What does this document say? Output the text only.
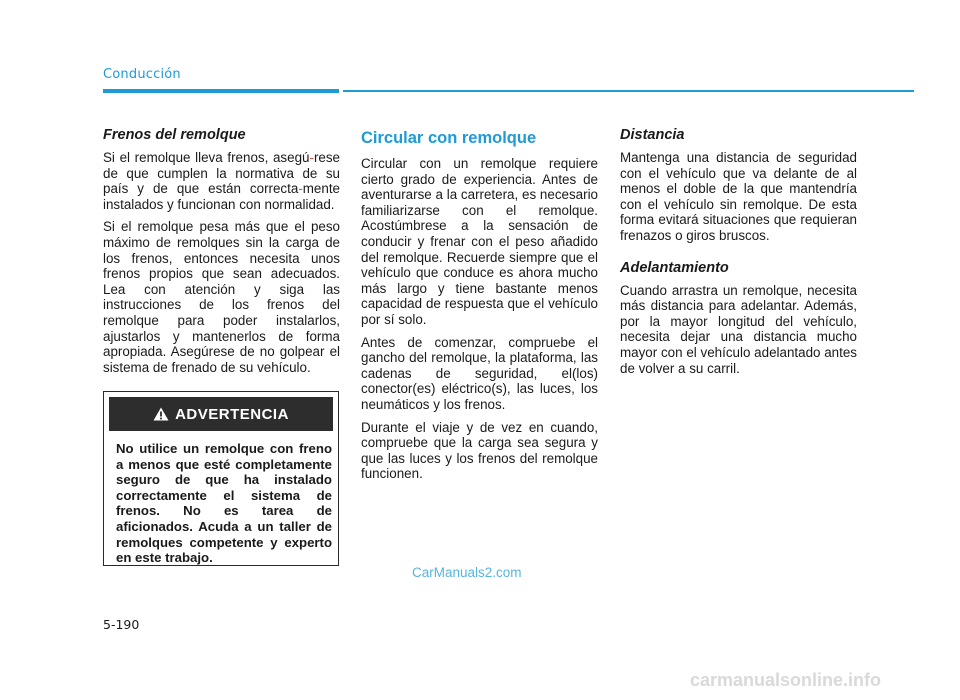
Conducción
Frenos del remolque

Si el remolque lleva frenos, asegú-rese de que cumplen la normativa de su país y de que están correcta-mente instalados y funcionan con normalidad.

Si el remolque pesa más que el peso máximo de remolques sin la carga de los frenos, entonces necesita unos frenos propios que sean adecuados. Lea con atención y siga las instrucciones de los frenos del remolque para poder instalarlos, ajustarlos y mantenerlos de forma apropiada. Asegúrese de no golpear el sistema de frenado de su vehículo.

ADVERTENCIA
No utilice un remolque con freno a menos que esté completamente seguro de que ha instalado correctamente el sistema de frenos. No es tarea de aficionados. Acuda a un taller de remolques competente y experto en este trabajo.
Circular con remolque

Circular con un remolque requiere cierto grado de experiencia. Antes de aventurarse a la carretera, es necesario familiarizarse con el remolque. Acostúmbrese a la sensación de conducir y frenar con el peso añadido del remolque. Recuerde siempre que el vehículo que conduce es ahora mucho más largo y tiene bastante menos capacidad de respuesta que el vehículo por sí solo.

Antes de comenzar, compruebe el gancho del remolque, la plataforma, las cadenas de seguridad, el(los) conector(es) eléctrico(s), las luces, los neumáticos y los frenos.

Durante el viaje y de vez en cuando, compruebe que la carga sea segura y que las luces y los frenos del remolque funcionen.

Distancia

Mantenga una distancia de seguridad con el vehículo que va delante de al menos el doble de la que mantendría con el vehículo sin remolque. De esta forma evitará situaciones que requieran frenazos o giros bruscos.

Adelantamiento

Cuando arrastra un remolque, necesita más distancia para adelantar. Además, por la mayor longitud del vehículo, necesita dejar una distancia mucho mayor con el vehículo adelantado antes de volver a su carril.

CarManuals2.com
5-190
carmanualsonline.info
